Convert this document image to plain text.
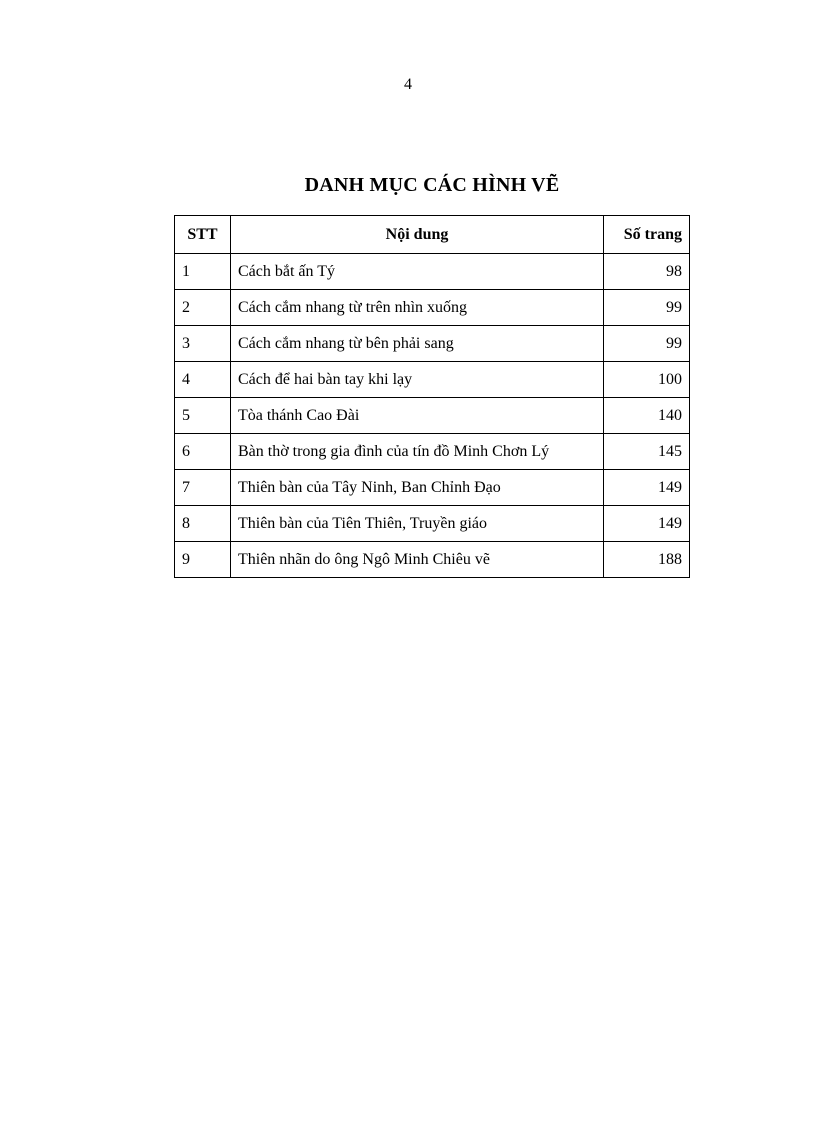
4
DANH MỤC CÁC HÌNH VẼ
STT	Nội dung	Số trang
1	Cách bắt ấn Tý	98
2	Cách cắm nhang từ trên nhìn xuống	99
3	Cách cắm nhang từ bên phải sang	99
4	Cách để hai bàn tay khi lạy	100
5	Tòa thánh Cao Đài	140
6	Bàn thờ trong gia đình của tín đồ Minh Chơn Lý	145
7	Thiên bàn của Tây Ninh, Ban Chỉnh Đạo	149
8	Thiên bàn của Tiên Thiên, Truyền giáo	149
9	Thiên nhãn do ông Ngô Minh Chiêu vẽ	188
